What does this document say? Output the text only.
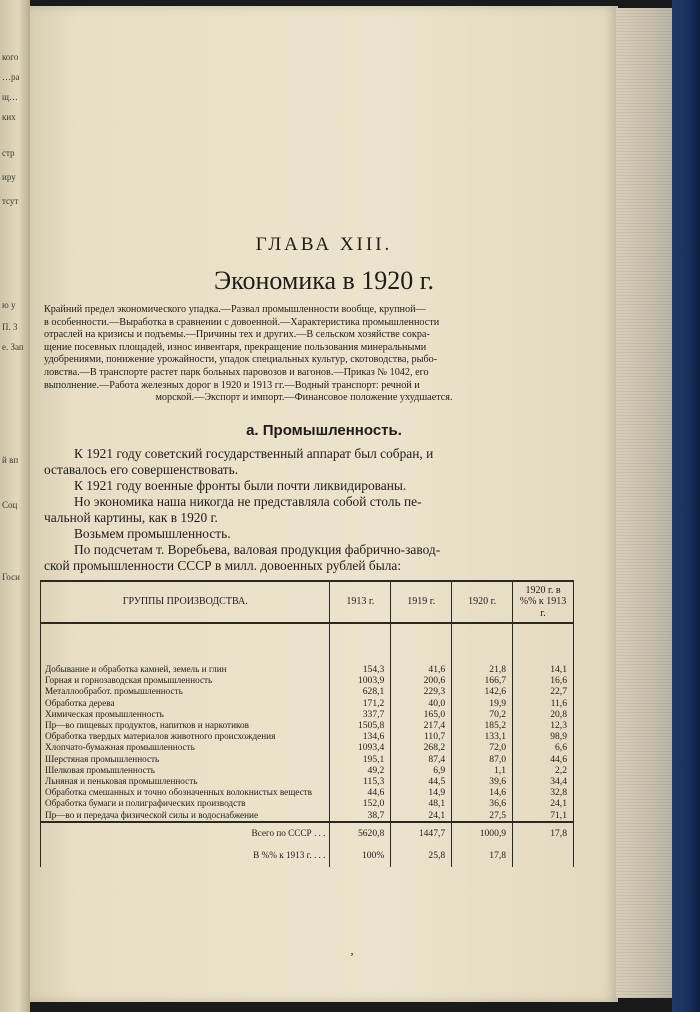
кого
…ра
щ…
ких
стр
иру
тсут
ю у
П. 3
е. Зап
й вп
Соц
Госи
ГЛАВА XIII.
Экономика в 1920 г.
Крайний предел экономического упадка.—Развал промышленности вообще, крупной—
в особенности.—Выработка в сравнении с довоенной.—Характеристика промышленности
отраслей на кризисы и подъемы.—Причины тех и других.—В сельском хозяйстве сокра-
щение посевных площадей, износ инвентаря, прекращение пользования минеральными
удобрениями, понижение урожайности, упадок специальных культур, скотоводства, рыбо-
ловства.—В транспорте растет парк больных паровозов и вагонов.—Приказ № 1042, его
выполнение.—Работа железных дорог в 1920 и 1913 гг.—Водный транспорт: речной и
морской.—Экспорт и импорт.—Финансовое положение ухудшается.
а. Промышленность.

К 1921 году советский государственный аппарат был собран, и

оставалось его совершенствовать.

К 1921 году военные фронты были почти ликвидированы.

Но экономика наша никогда не представляла собой столь пе-

чальной картины, как в 1920 г.

Возьмем промышленность.

По подсчетам т. Воребьева, валовая продукция фабрично-завод-

ской промышленности СССР в милл. довоенных рублей была:

ГРУППЫ ПРОИЗВОДСТВА.	1913 г.	1919 г.	1920 г.	1920 г. в %% к 1913 г.
Добывание и обработка камней, земель и глин	154,3	41,6	21,8	14,1
Горная и горнозаводская промышленность	1003,9	200,6	166,7	16,6
Металлообработ. промышленность	628,1	229,3	142,6	22,7
Обработка дерева	171,2	40,0	19,9	11,6
Химическая промышленность	337,7	165,0	70,2	20,8
Пр—во пищевых продуктов, напитков и наркотиков	1505,8	217,4	185,2	12,3
Обработка твердых материалов животного происхождения	134,6	110,7	133,1	98,9
Хлопчато-бумажная промышленность	1093,4	268,2	72,0	6,6
Шерстяная промышленность	195,1	87,4	87,0	44,6
Шелковая промышленность	49,2	6,9	1,1	2,2
Льняная и пеньковая промышленность	115,3	44,5	39,6	34,4
Обработка смешанных и точно обозначенных волокнистых веществ	44,6	14,9	14,6	32,8
Обработка бумаги и полиграфических производств	152,0	48,1	36,6	24,1
Пр—во и передача физической силы и водоснабжение	38,7	24,1	27,5	71,1
Всего по СССР . . .	5620,8	1447,7	1000,9	17,8
В %% к 1913 г. . . .	100%	25,8	17,8	
ʼ
